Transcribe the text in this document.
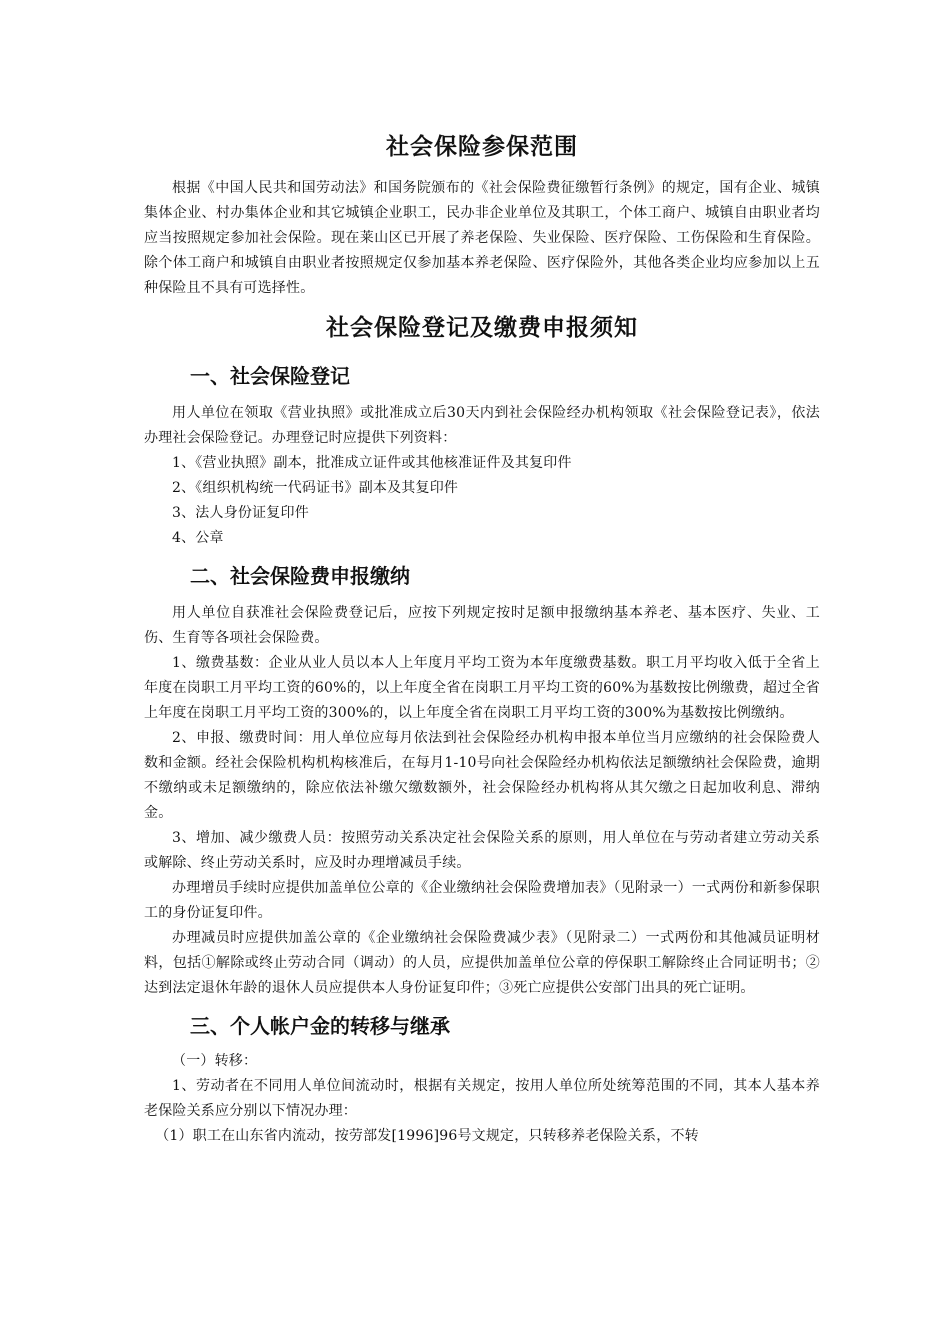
社会保险参保范围

根据《中国人民共和国劳动法》和国务院颁布的《社会保险费征缴暂行条例》的规定，国有企业、城镇集体企业、村办集体企业和其它城镇企业职工，民办非企业单位及其职工，个体工商户、城镇自由职业者均应当按照规定参加社会保险。现在莱山区已开展了养老保险、失业保险、医疗保险、工伤保险和生育保险。除个体工商户和城镇自由职业者按照规定仅参加基本养老保险、医疗保险外，其他各类企业均应参加以上五种保险且不具有可选择性。

社会保险登记及缴费申报须知
一、社会保险登记

用人单位在领取《营业执照》或批准成立后30天内到社会保险经办机构领取《社会保险登记表》，依法办理社会保险登记。办理登记时应提供下列资料：

1、《营业执照》副本，批准成立证件或其他核准证件及其复印件

2、《组织机构统一代码证书》副本及其复印件

3、法人身份证复印件

4、公章

二、社会保险费申报缴纳

用人单位自获准社会保险费登记后，应按下列规定按时足额申报缴纳基本养老、基本医疗、失业、工伤、生育等各项社会保险费。

1、缴费基数：企业从业人员以本人上年度月平均工资为本年度缴费基数。职工月平均收入低于全省上年度在岗职工月平均工资的60%的，以上年度全省在岗职工月平均工资的60%为基数按比例缴费，超过全省上年度在岗职工月平均工资的300%的，以上年度全省在岗职工月平均工资的300%为基数按比例缴纳。

2、申报、缴费时间：用人单位应每月依法到社会保险经办机构申报本单位当月应缴纳的社会保险费人数和金额。经社会保险机构机构核准后，在每月1-10号向社会保险经办机构依法足额缴纳社会保险费，逾期不缴纳或未足额缴纳的，除应依法补缴欠缴数额外，社会保险经办机构将从其欠缴之日起加收利息、滞纳金。

3、增加、减少缴费人员：按照劳动关系决定社会保险关系的原则，用人单位在与劳动者建立劳动关系或解除、终止劳动关系时，应及时办理增减员手续。

办理增员手续时应提供加盖单位公章的《企业缴纳社会保险费增加表》（见附录一）一式两份和新参保职工的身份证复印件。

办理减员时应提供加盖公章的《企业缴纳社会保险费减少表》（见附录二）一式两份和其他减员证明材料，包括①解除或终止劳动合同（调动）的人员，应提供加盖单位公章的停保职工解除终止合同证明书；②达到法定退休年龄的退休人员应提供本人身份证复印件；③死亡应提供公安部门出具的死亡证明。

三、个人帐户金的转移与继承

（一）转移：

1、劳动者在不同用人单位间流动时，根据有关规定，按用人单位所处统筹范围的不同，其本人基本养老保险关系应分别以下情况办理：

（1）职工在山东省内流动，按劳部发[1996]96号文规定，只转移养老保险关系，不转
